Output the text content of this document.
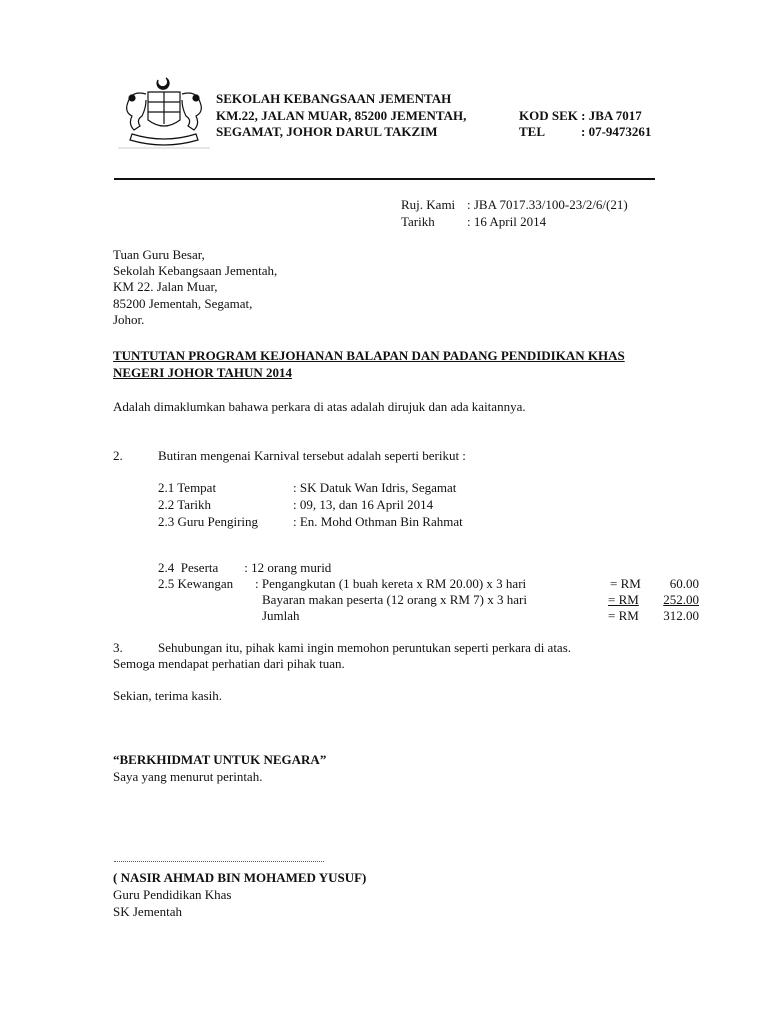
SEKOLAH KEBANGSAAN JEMENTAH
KM.22, JALAN MUAR, 85200 JEMENTAH,
SEGAMAT, JOHOR DARUL TAKZIM
KOD SEK : JBA 7017
TEL	: 07-9473261
Ruj. Kami : JBA 7017.33/100-23/2/6/(21)
Tarikh : 16 April 2014
Tuan Guru Besar,
Sekolah Kebangsaan Jementah,
KM 22. Jalan Muar,
85200 Jementah, Segamat,
Johor.
TUNTUTAN PROGRAM KEJOHANAN BALAPAN DAN PADANG PENDIDIKAN KHAS
NEGERI JOHOR TAHUN 2014
Adalah dimaklumkan bahawa perkara di atas adalah dirujuk dan ada kaitannya.
2.	Butiran mengenai Karnival tersebut adalah seperti berikut :
2.1 Tempat	: SK Datuk Wan Idris, Segamat
2.2 Tarikh	: 09, 13, dan 16 April 2014
2.3 Guru Pengiring	: En. Mohd Othman Bin Rahmat
2.4  Peserta        : 12 orang murid
2.5 Kewangan : Pengangkutan (1 buah kereta x RM 20.00) x 3 hari	= RM	60.00
Bayaran makan peserta (12 orang x RM 7) x 3 hari	= RM	252.00
Jumlah	= RM	312.00
3.	Sehubungan itu, pihak kami ingin memohon peruntukan seperti perkara di atas.
Semoga mendapat perhatian dari pihak tuan.
Sekian, terima kasih.
“BERKHIDMAT UNTUK NEGARA”
Saya yang menurut perintah.
( NASIR AHMAD BIN MOHAMED YUSUF)
Guru Pendidikan Khas
SK Jementah
